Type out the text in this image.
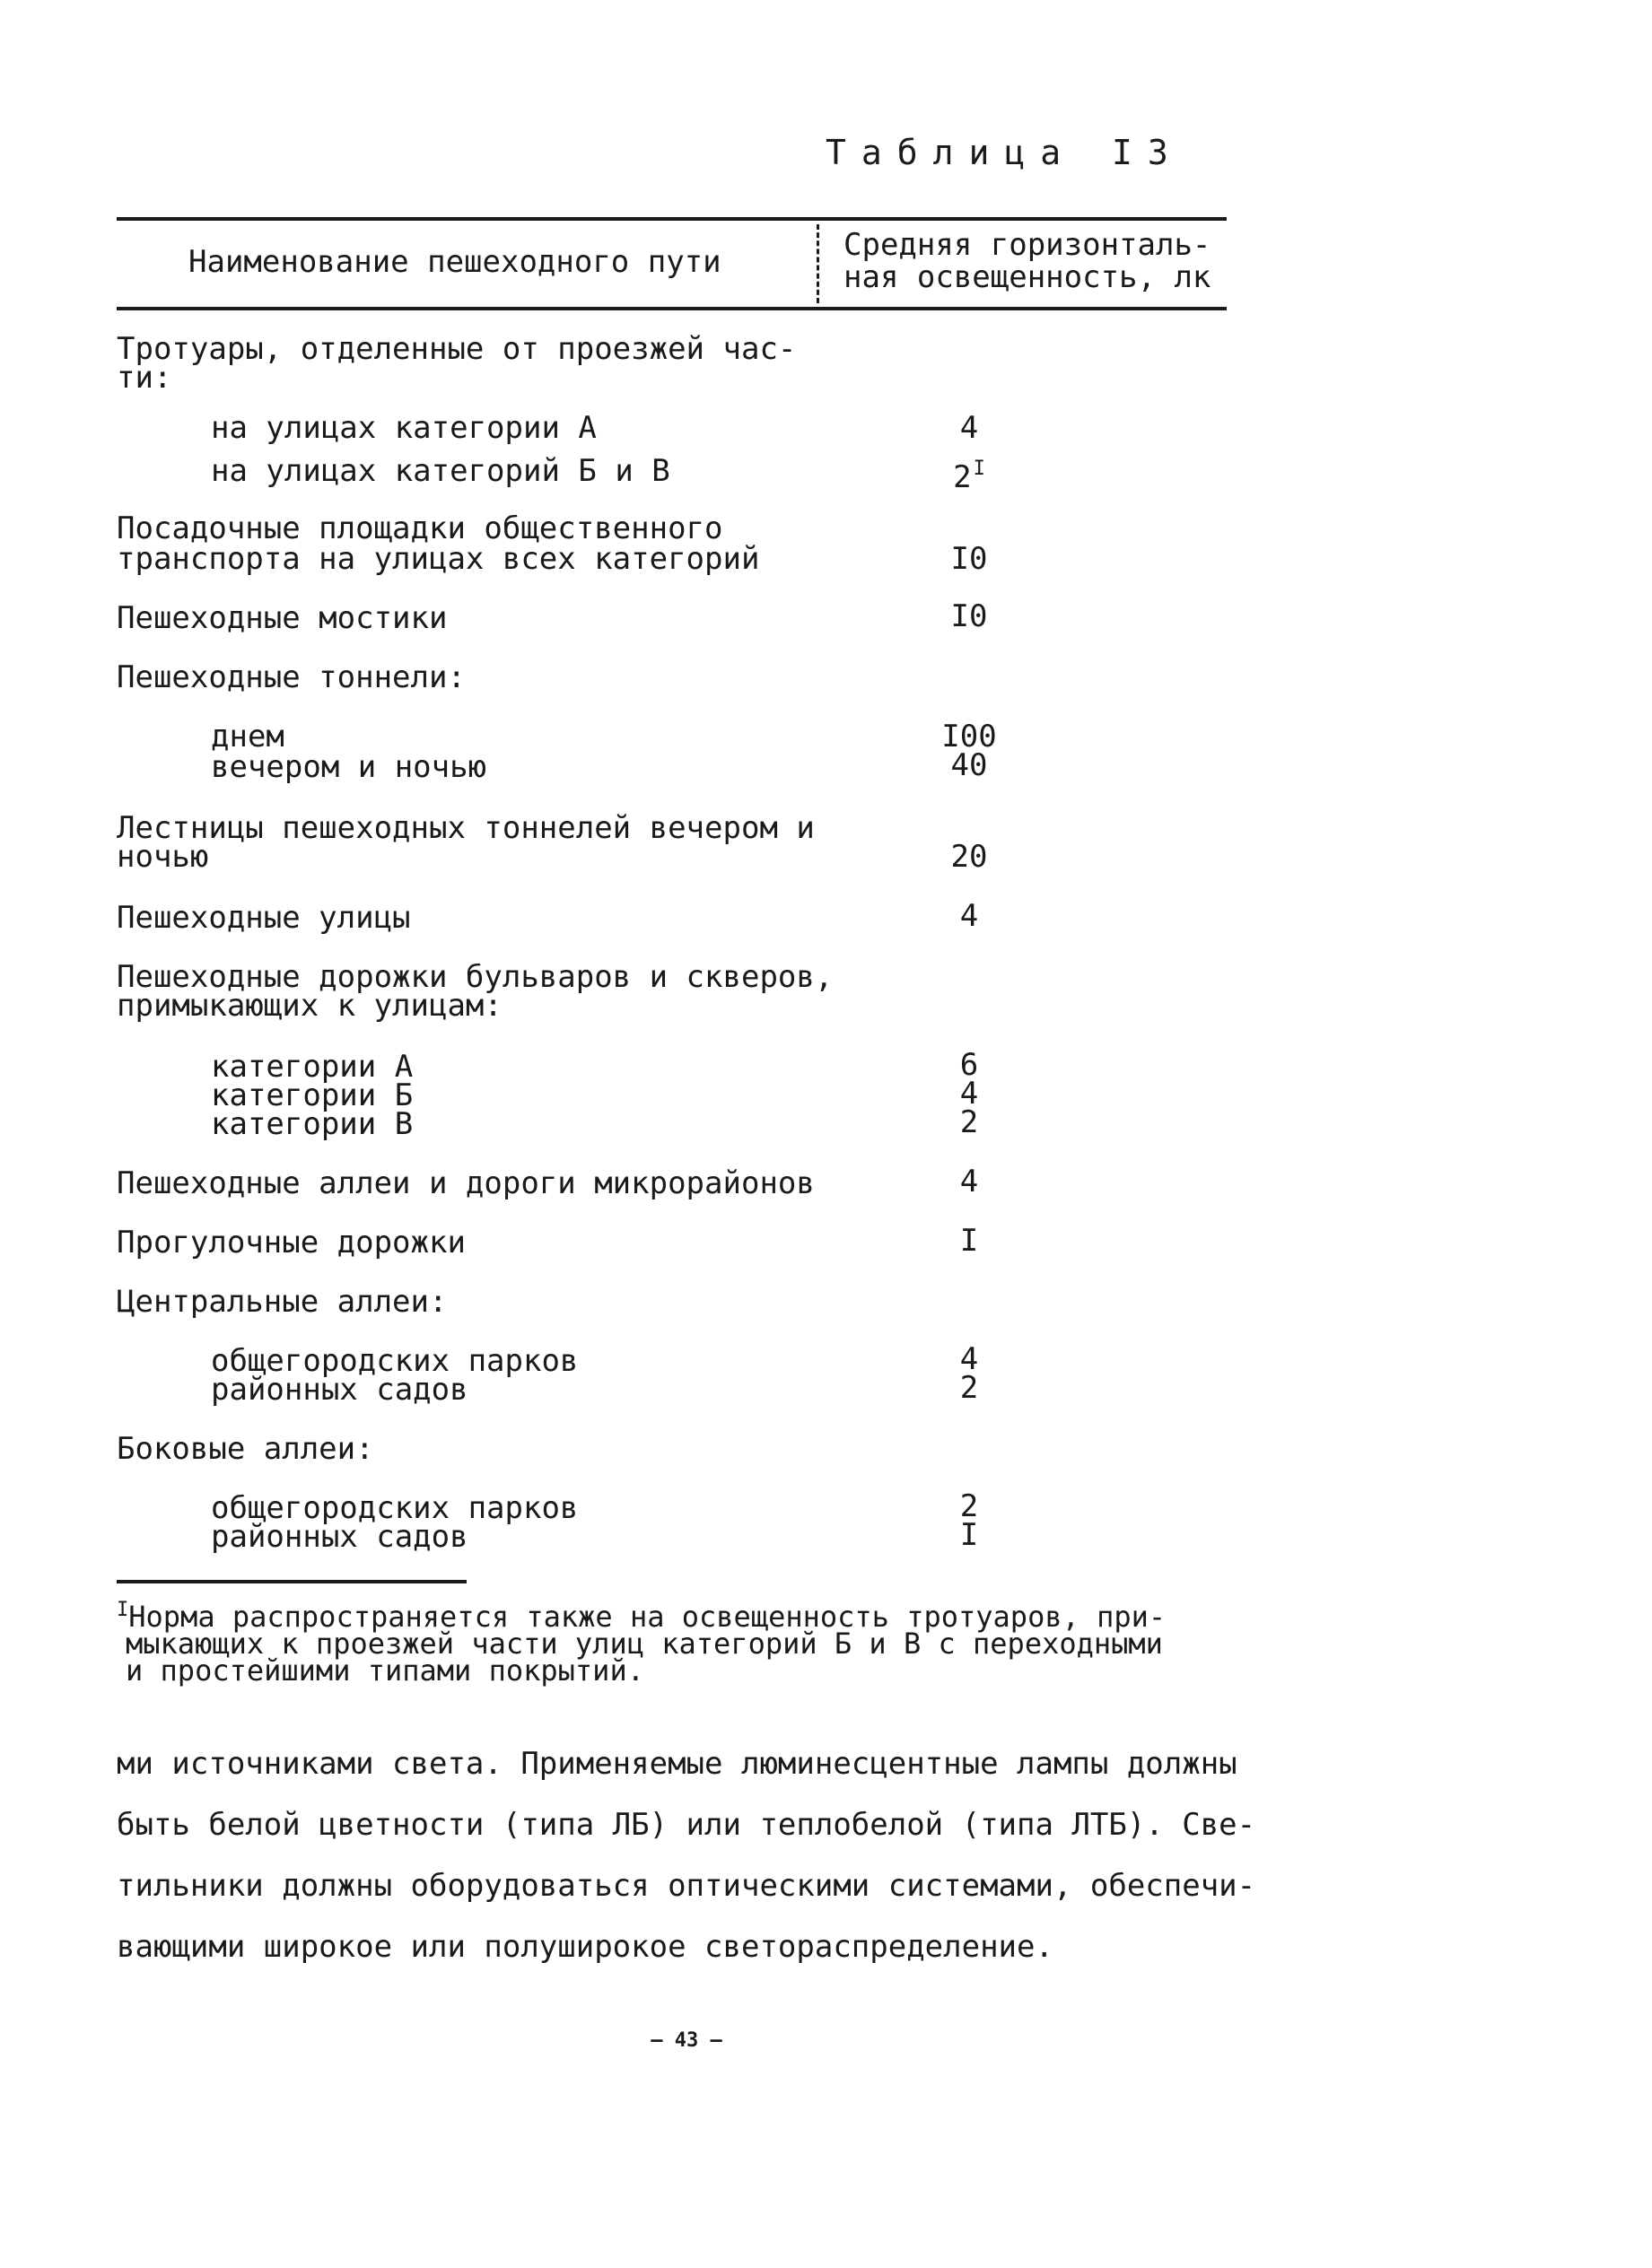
Таблица I3
Наименование пешеходного пути	Средняя горизонталь-
ная освещенность, лк
Тротуары, отделенные от проезжей час-
ти:
на улицах категории А	4
на улицах категорий Б и В	$2^I$
Посадочные площадки общественного
транспорта на улицах всех категорий	I0
Пешеходные мостики	I0
Пешеходные тоннели:
днем	I00
вечером и ночью	40
Лестницы пешеходных тоннелей вечером и
ночью	20
Пешеходные улицы	4
Пешеходные дорожки бульваров и скверов,
примыкающих к улицам:
категории А	6
категории Б	4
категории В	2
Пешеходные аллеи и дороги микрорайонов	4
Прогулочные дорожки	I
Центральные аллеи:
общегородских парков	4
районных садов	2
Боковые аллеи:
общегородских парков	2
районных садов	I
$^I$Норма распространяется также на освещенность тротуаров, при-
мыкающих к проезжей части улиц категорий Б и В с переходными
и простейшими типами покрытий.
ми источниками света. Применяемые люминесцентные лампы должны
быть белой цветности (типа ЛБ) или теплобелой (типа ЛТБ). Све-
тильники должны оборудоваться оптическими системами, обеспечи-
вающими широкое или полуширокое светораспределение.
— 43 —
